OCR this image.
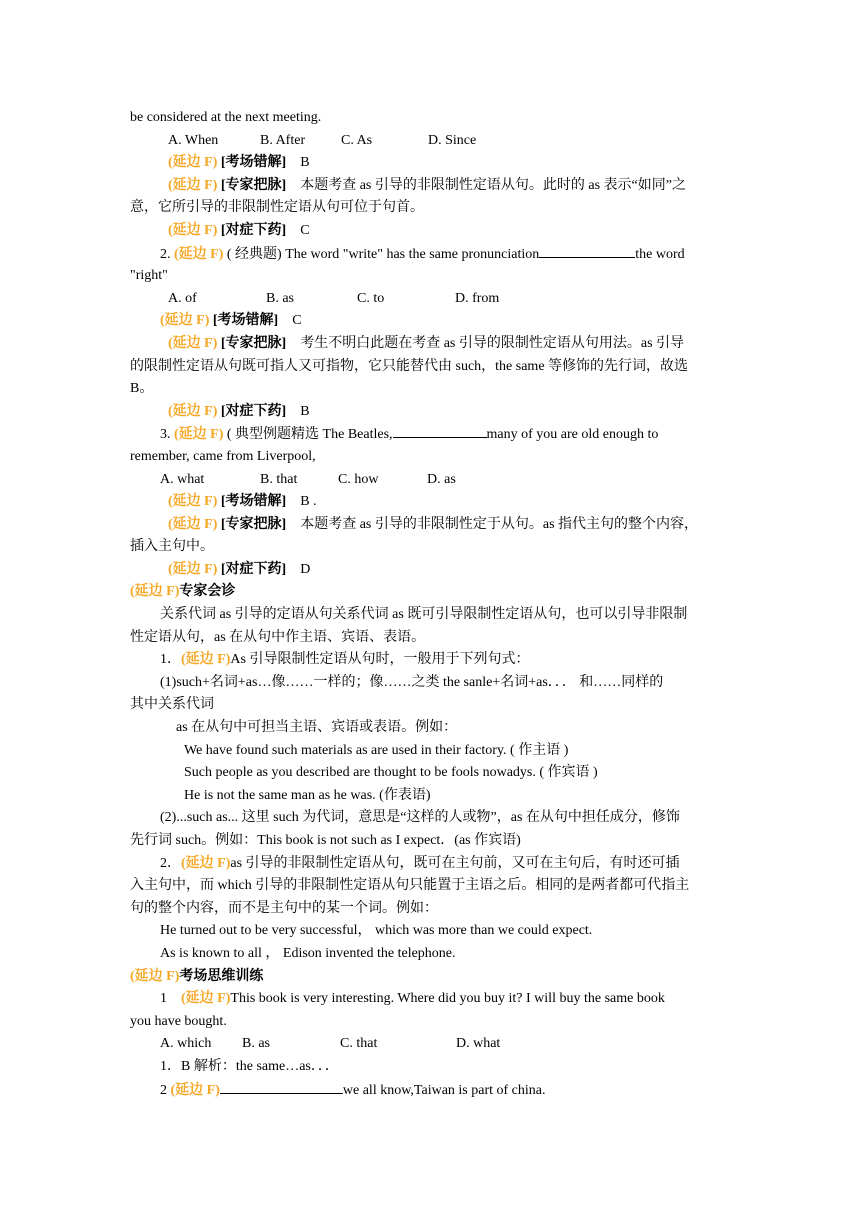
be considered at the next meeting.
A. When	B. After	C. As	D. Since
(延边 F) [考场错解] B
(延边 F) [专家把脉] 本题考查 as 引导的非限制性定语从句。此时的 as 表示“如同”之
意，它所引导的非限制性定语从句可位于句首。
(延边 F) [对症下药] C
2. (延边 F) ( 经典题) The word "write" has the same pronunciation	the word
"right"
A. of	B. as	C. to	D. from
(延边 F) [考场错解] C
(延边 F) [专家把脉] 考生不明白此题在考查 as 引导的限制性定语从句用法。as 引导
的限制性定语从句既可指人又可指物，它只能替代由 such，the same 等修饰的先行词，故选
B。
(延边 F) [对症下药] B
3. (延边 F) ( 典型例题精选 The Beatles,	many of you are old enough to
remember, came from Liverpool,
A. what	B. that	C. how	D. as
(延边 F) [考场错解] B .
(延边 F) [专家把脉] 本题考查 as 引导的非限制性定于从句。as 指代主句的整个内容，
插入主句中。
(延边 F) [对症下药] D
(延边 F)专家会诊
关系代词 as 引导的定语从句关系代词 as 既可引导限制性定语从句，也可以引导非限制
性定语从句，as 在从句中作主语、宾语、表语。
1．(延边 F)As 引导限制性定语从句时，一般用于下列句式：
(1)such+名词+as…像……一样的；像……之类 the sanle+名词+as．．． 和……同样的
其中关系代词
as 在从句中可担当主语、宾语或表语。例如：
We have found such materials as are used in their factory. ( 作主语 )
Such people as you described are thought to be fools nowadys. ( 作宾语 )
He is not the same man as he was. (作表语)
(2)...such as... 这里 such 为代词，意思是“这样的人或物”，as 在从句中担任成分，修饰
先行词 such。例如：This book is not such as I expect．(as 作宾语)
2．(延边 F)as 引导的非限制性定语从句，既可在主句前，又可在主句后，有时还可插
入主句中，而 which 引导的非限制性定语从句只能置于主语之后。相同的是两者都可代指主
句的整个内容，而不是主句中的某一个词。例如：
He turned out to be very successful， which was more than we could expect.
As is known to all ， Edison invented the telephone.
(延边 F)考场思维训练
1 (延边 F)This book is very interesting. Where did you buy it? I will buy the same book
you have bought.
A. which B. as	C. that	D. what
1．B 解析：the same…as．．．
2 (延边 F)	we all know,Taiwan is part of china.
